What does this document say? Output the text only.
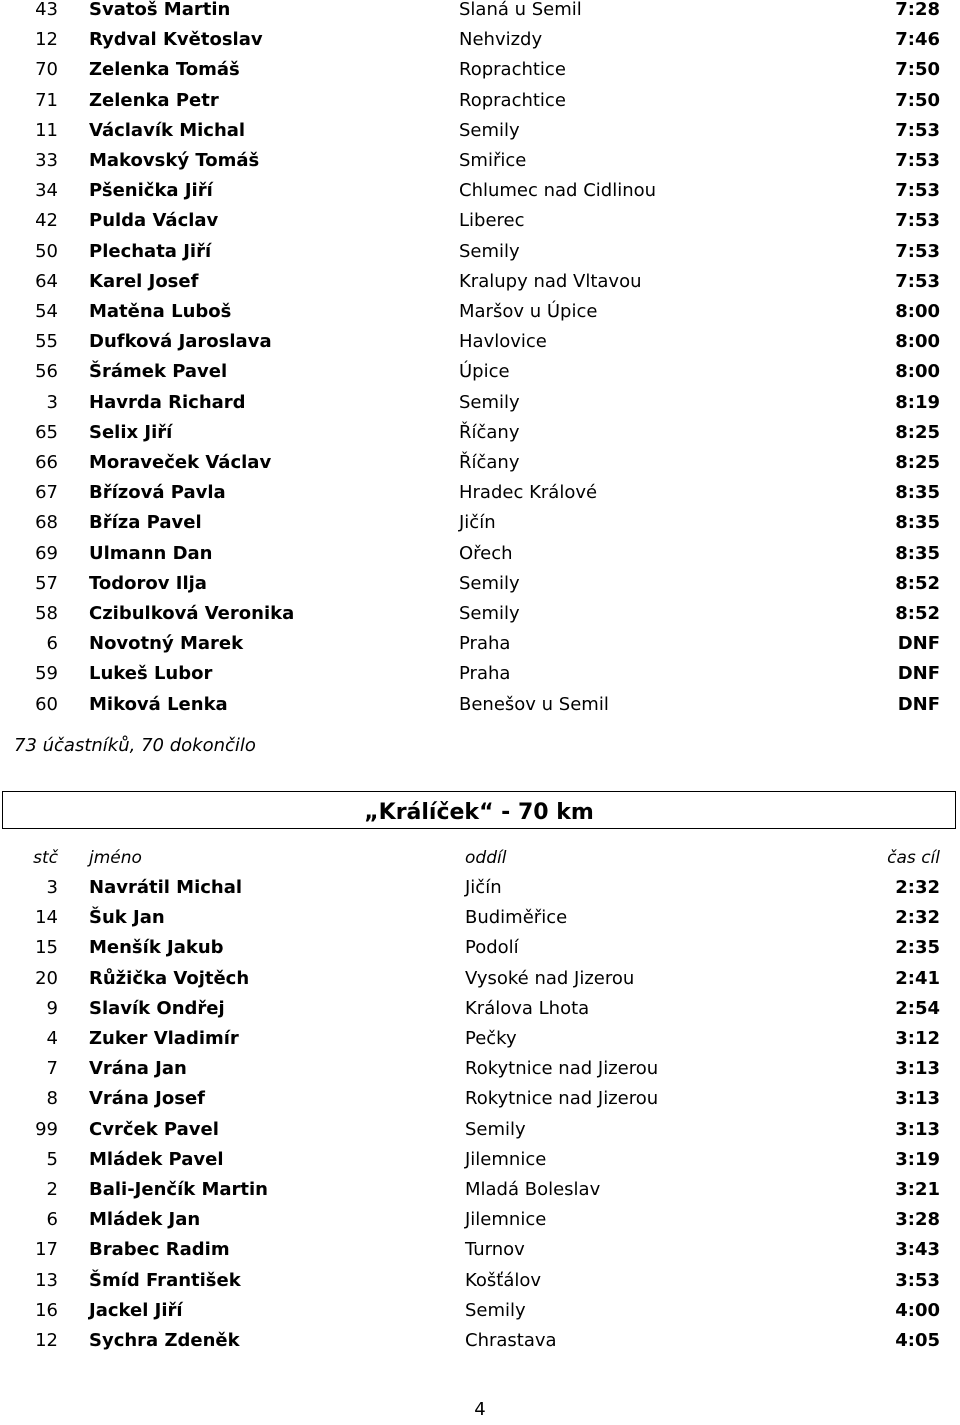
43 Svatoš Martin	Slaná u Semil	7:28
12 Rydval Květoslav	Nehvizdy	7:46
70 Zelenka Tomáš	Roprachtice	7:50
71 Zelenka Petr	Roprachtice	7:50
11 Václavík Michal	Semily	7:53
33 Makovský Tomáš	Smiřice	7:53
34 Pšenička Jiří	Chlumec nad Cidlinou	7:53
42 Pulda Václav	Liberec	7:53
50 Plechata Jiří	Semily	7:53
64 Karel Josef	Kralupy nad Vltavou	7:53
54 Matěna Luboš	Maršov u Úpice	8:00
55 Dufková Jaroslava	Havlovice	8:00
56 Šrámek Pavel	Úpice	8:00
3 Havrda Richard	Semily	8:19
65 Selix Jiří	Říčany	8:25
66 Moraveček Václav	Říčany	8:25
67 Břízová Pavla	Hradec Králové	8:35
68 Bříza Pavel	Jičín	8:35
69 Ulmann Dan	Ořech	8:35
57 Todorov Ilja	Semily	8:52
58 Czibulková Veronika	Semily	8:52
6 Novotný Marek	Praha	DNF
59 Lukeš Lubor	Praha	DNF
60 Miková Lenka	Benešov u Semil	DNF
73 účastníků, 70 dokončilo
„Králíček“ - 70 km
stč jméno	oddíl	čas cíl
3 Navrátil Michal	Jičín	2:32
14 Šuk Jan	Budiměřice	2:32
15 Menšík Jakub	Podolí	2:35
20 Růžička Vojtěch	Vysoké nad Jizerou	2:41
9 Slavík Ondřej	Králova Lhota	2:54
4 Zuker Vladimír	Pečky	3:12
7 Vrána Jan	Rokytnice nad Jizerou	3:13
8 Vrána Josef	Rokytnice nad Jizerou	3:13
99 Cvrček Pavel	Semily	3:13
5 Mládek Pavel	Jilemnice	3:19
2 Bali-Jenčík Martin	Mladá Boleslav	3:21
6 Mládek Jan	Jilemnice	3:28
17 Brabec Radim	Turnov	3:43
13 Šmíd František	Košťálov	3:53
16 Jackel Jiří	Semily	4:00
12 Sychra Zdeněk	Chrastava	4:05
4
